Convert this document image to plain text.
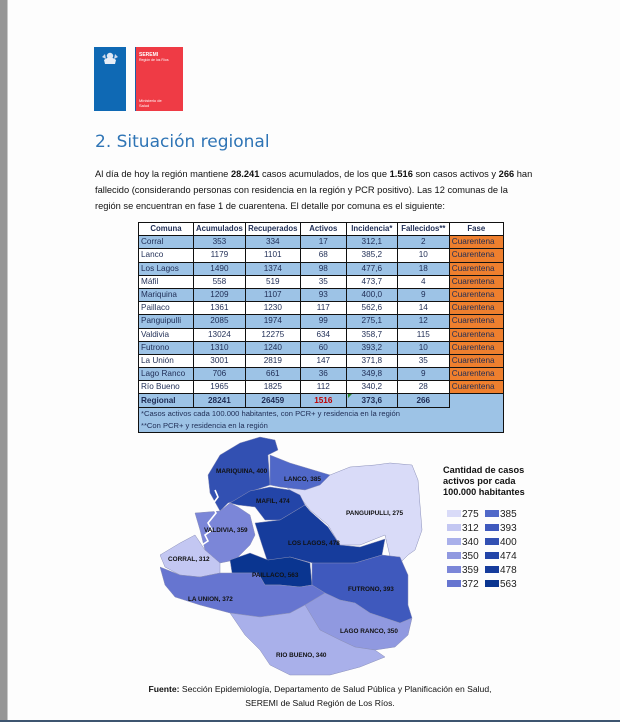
SEREMI
Región de los Ríos
Ministerio de
Salud
2. Situación regional

Al día de hoy la región mantiene 28.241 casos acumulados, de los que 1.516 son casos activos y 266 han fallecido (considerando personas con residencia en la región y PCR positivo). Las 12 comunas de la región se encuentran en fase 1 de cuarentena. El detalle por comuna es el siguiente:

Comuna	Acumulados	Recuperados	Activos	Incidencia*	Fallecidos**	Fase
Corral	353	334	17	312,1	2	Cuarentena
Lanco	1179	1101	68	385,2	10	Cuarentena
Los Lagos	1490	1374	98	477,6	18	Cuarentena
Máfil	558	519	35	473,7	4	Cuarentena
Mariquina	1209	1107	93	400,0	9	Cuarentena
Paillaco	1361	1230	117	562,6	14	Cuarentena
Panguipulli	2085	1974	99	275,1	12	Cuarentena
Valdivia	13024	12275	634	358,7	115	Cuarentena
Futrono	1310	1240	60	393,2	10	Cuarentena
La Unión	3001	2819	147	371,8	35	Cuarentena
Lago Ranco	706	661	36	349,8	9	Cuarentena
Río Bueno	1965	1825	112	340,2	28	Cuarentena
Regional	28241	26459	1516	373,6	266	
*Casos activos cada 100.000 habitantes, con PCR+ y residencia en la región						
**Con PCR+ y residencia en la región						
MARIQUINA, 400
LANCO, 385
MAFIL, 474
PANGUIPULLI, 275
VALDIVIA, 359
LOS LAGOS, 478
CORRAL, 312
PAILLACO, 563
FUTRONO, 393
LA UNION, 372
LAGO RANCO, 350
RIO BUENO, 340
Cantidad de casos
activos por cada
100.000 habitantes
275
312
340
350
359
372
385
393
400
474
478
563
Fuente: Sección Epidemiología, Departamento de Salud Pública y Planificación en Salud,
SEREMI de Salud Región de Los Ríos.
